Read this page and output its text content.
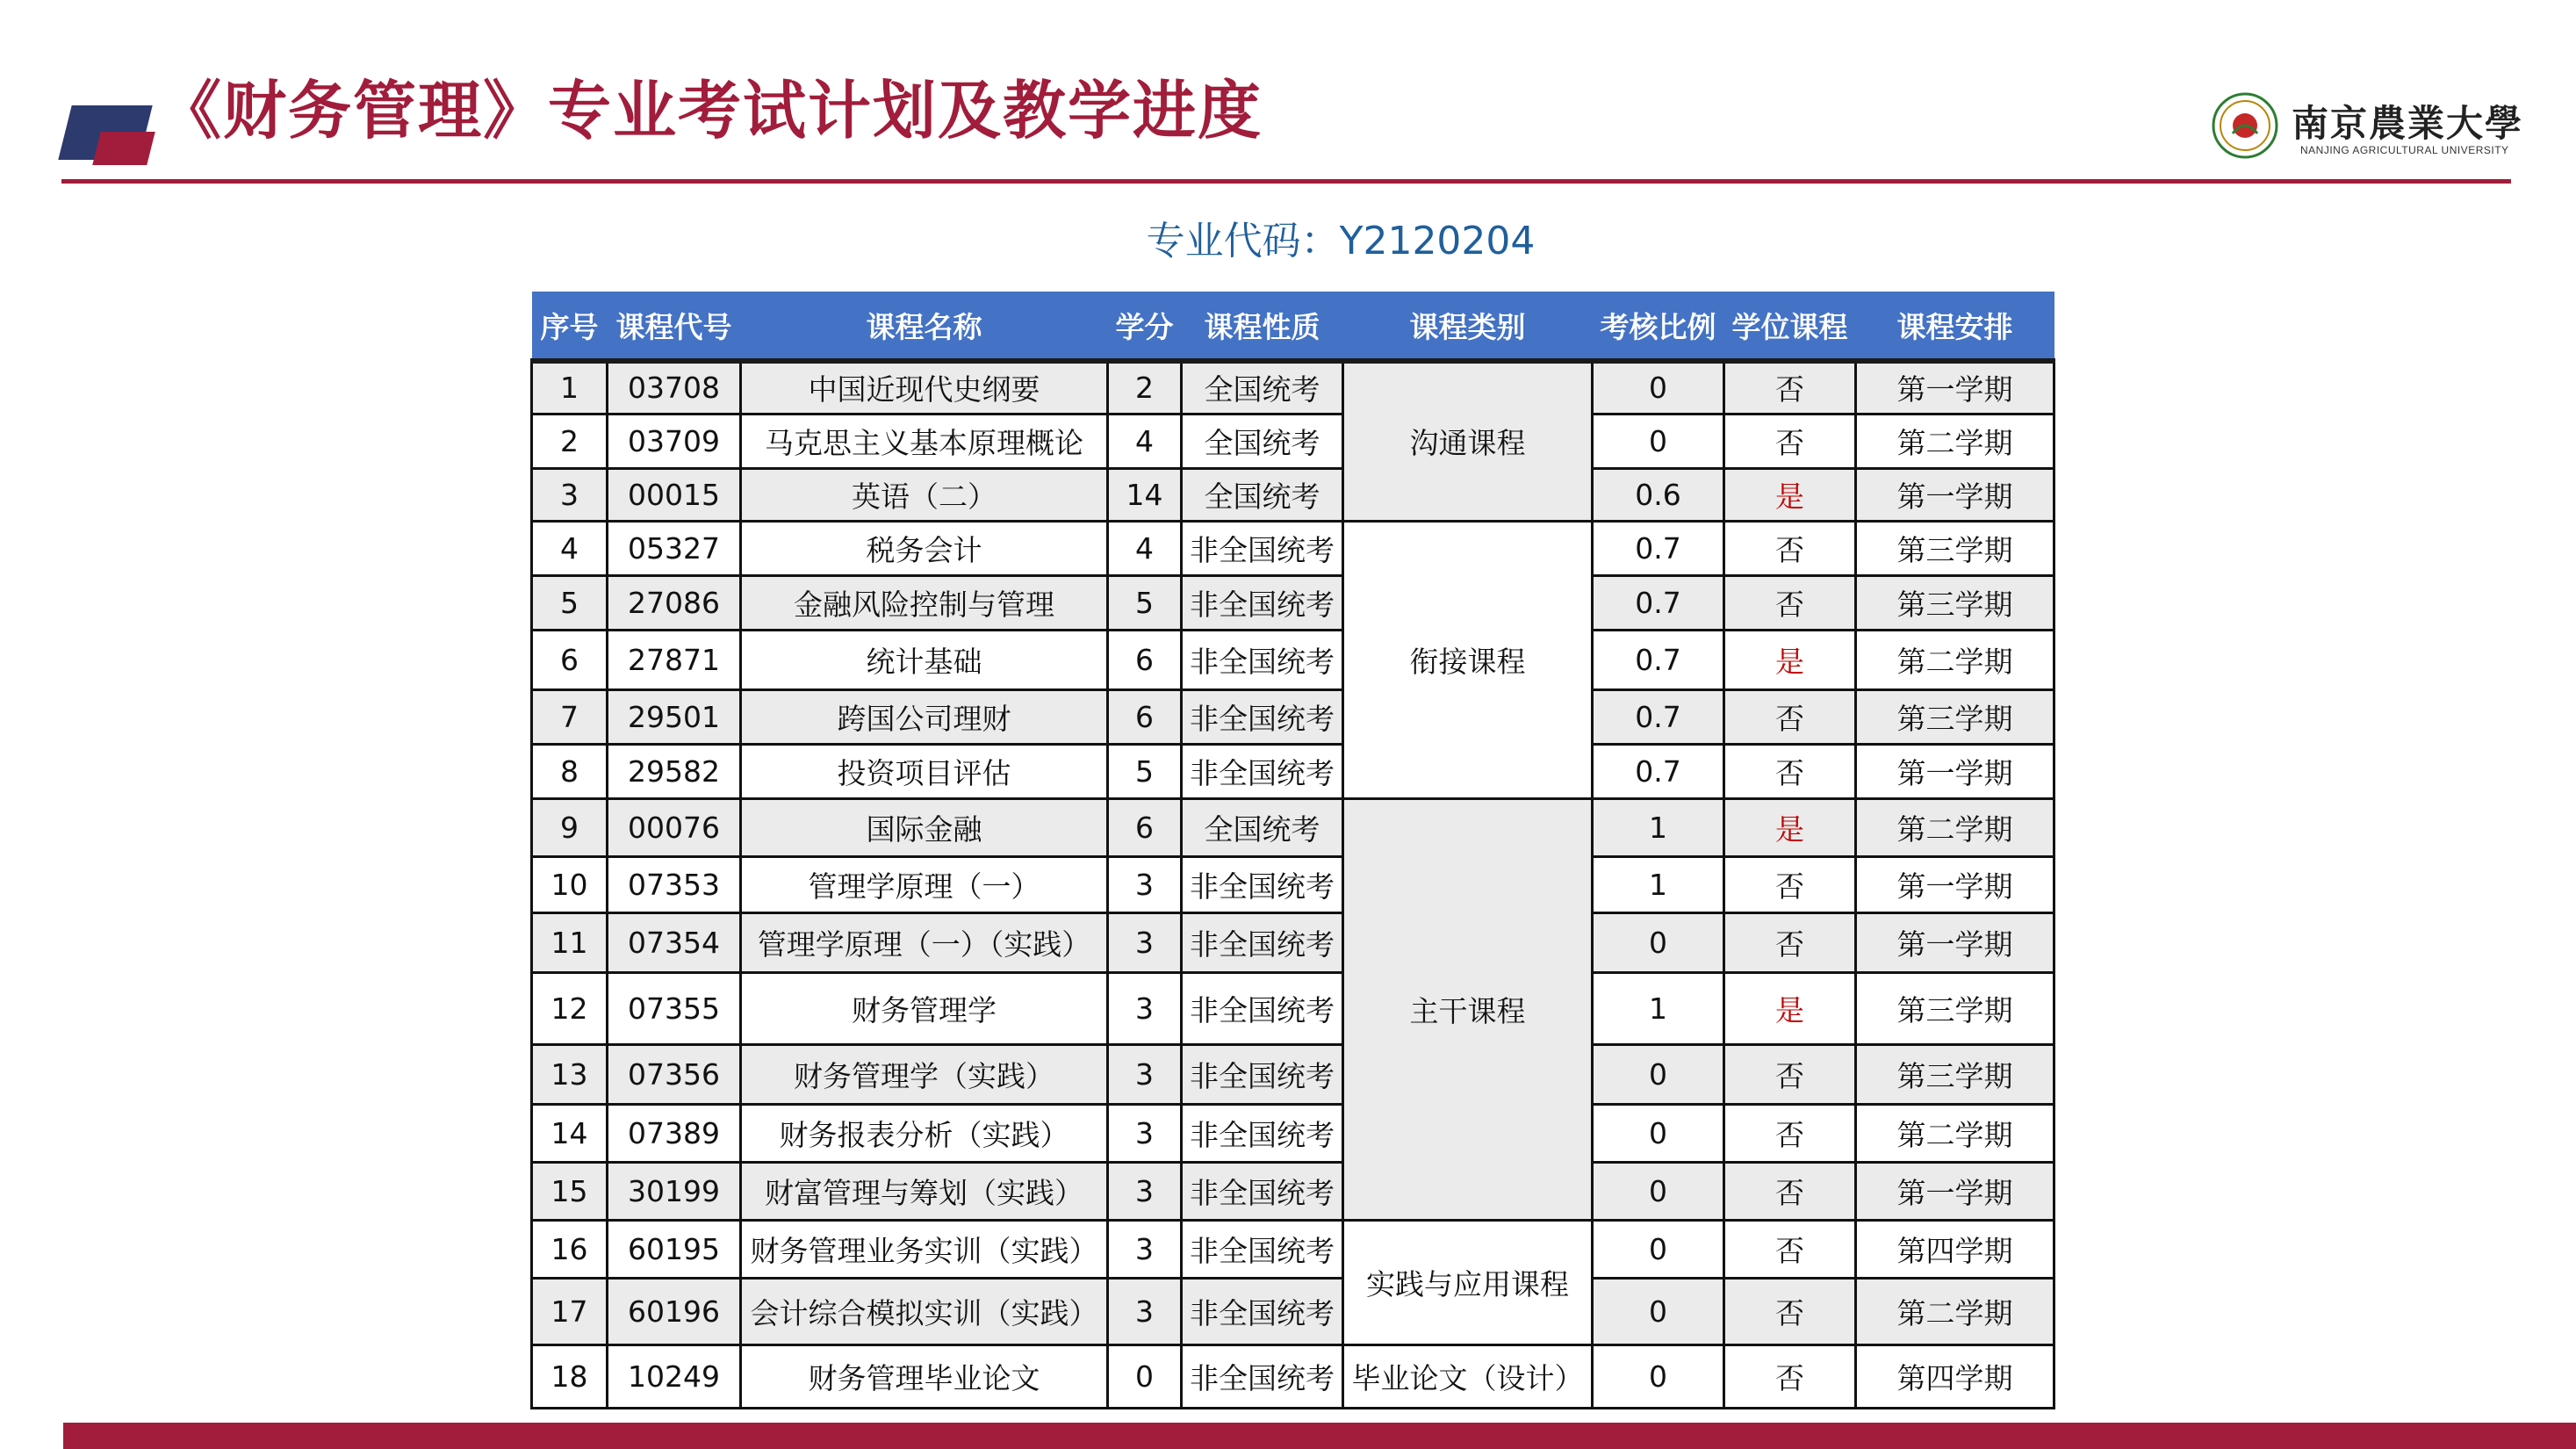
《财务管理》专业考试计划及教学进度	南京農業大學
NANJING AGRICULTURAL UNIVERSITY
专业代码：Y2120204
序号	课程代号	课程名称	学分	课程性质	课程类别	考核比例	学位课程	课程安排
1	03708	中国近现代史纲要	2	全国统考	沟通课程	0	否	第一学期
2	03709	马克思主义基本原理概论	4	全国统考		0	否	第二学期
3	00015	英语（二）	14	全国统考		0.6	是	第一学期
4	05327	税务会计	4	非全国统考	衔接课程	0.7	否	第三学期
5	27086	金融风险控制与管理	5	非全国统考		0.7	否	第三学期
6	27871	统计基础	6	非全国统考		0.7	是	第二学期
7	29501	跨国公司理财	6	非全国统考		0.7	否	第三学期
8	29582	投资项目评估	5	非全国统考		0.7	否	第一学期
9	00076	国际金融	6	全国统考	主干课程	1	是	第二学期
10	07353	管理学原理（一）	3	非全国统考		1	否	第一学期
11	07354	管理学原理（一）（实践）	3	非全国统考		0	否	第一学期
12	07355	财务管理学	3	非全国统考		1	是	第三学期
13	07356	财务管理学（实践）	3	非全国统考		0	否	第三学期
14	07389	财务报表分析（实践）	3	非全国统考		0	否	第二学期
15	30199	财富管理与筹划（实践）	3	非全国统考		0	否	第一学期
16	60195	财务管理业务实训（实践）	3	非全国统考	实践与应用课程	0	否	第四学期
17	60196	会计综合模拟实训（实践）	3	非全国统考		0	否	第二学期
18	10249	财务管理毕业论文	0	非全国统考	毕业论文（设计）	0	否	第四学期
